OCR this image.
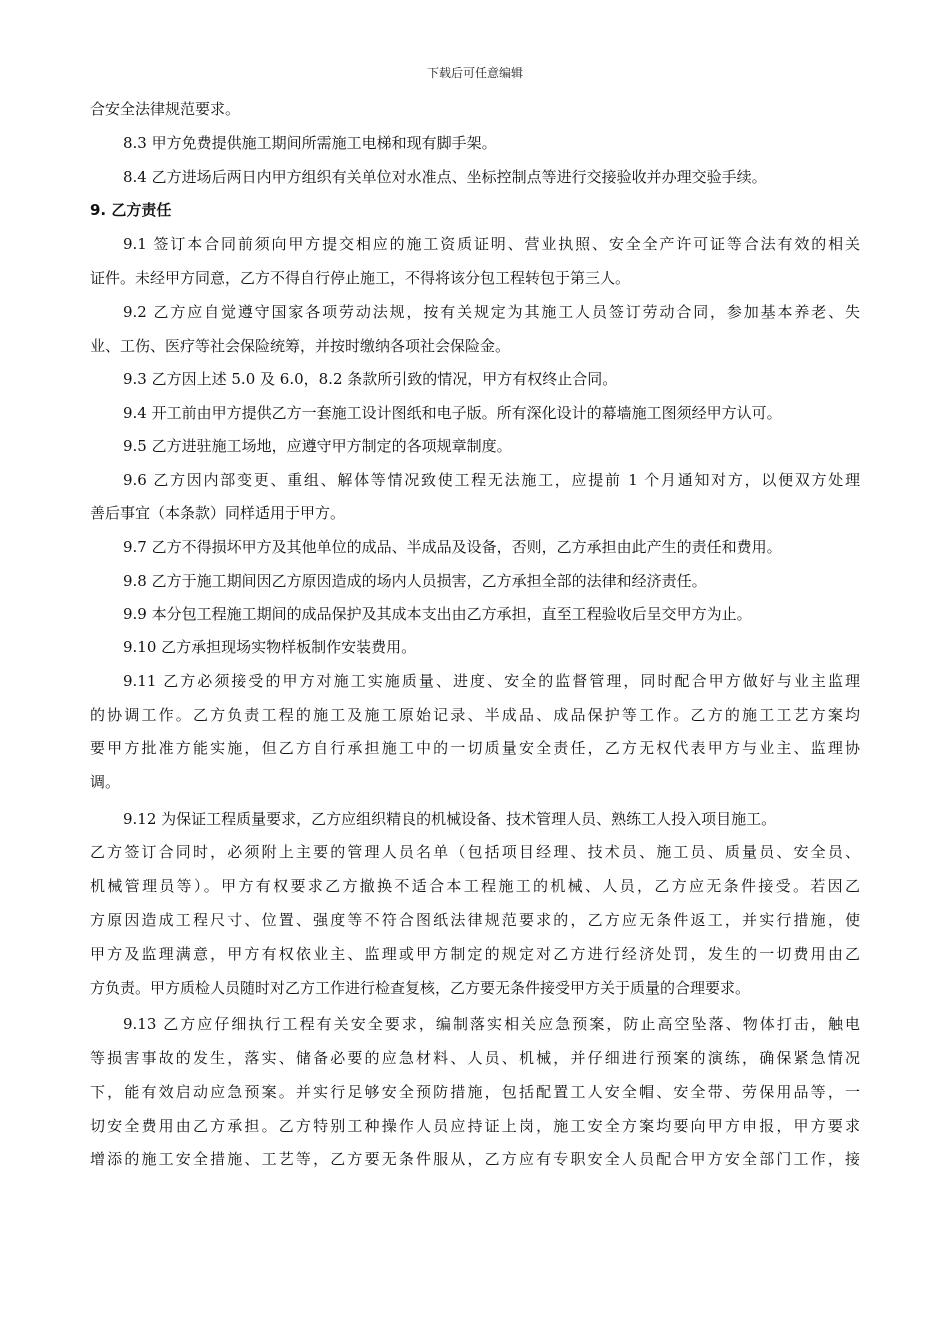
下载后可任意编辑
合安全法律规范要求。
8.3 甲方免费提供施工期间所需施工电梯和现有脚手架。
8.4 乙方进场后两日内甲方组织有关单位对水准点、坐标控制点等进行交接验收并办理交验手续。
9. 乙方责任
9.1 签订本合同前须向甲方提交相应的施工资质证明、营业执照、安全全产许可证等合法有效的相关
证件。未经甲方同意，乙方不得自行停止施工，不得将该分包工程转包于第三人。
9.2 乙方应自觉遵守国家各项劳动法规，按有关规定为其施工人员签订劳动合同，参加基本养老、失
业、工伤、医疗等社会保险统筹，并按时缴纳各项社会保险金。
9.3 乙方因上述 5.0 及 6.0，8.2 条款所引致的情况，甲方有权终止合同。
9.4 开工前由甲方提供乙方一套施工设计图纸和电子版。所有深化设计的幕墙施工图须经甲方认可。
9.5 乙方进驻施工场地，应遵守甲方制定的各项规章制度。
9.6 乙方因内部变更、重组、解体等情况致使工程无法施工，应提前 1 个月通知对方，以便双方处理
善后事宜（本条款）同样适用于甲方。
9.7 乙方不得损坏甲方及其他单位的成品、半成品及设备，否则，乙方承担由此产生的责任和费用。
9.8 乙方于施工期间因乙方原因造成的场内人员损害，乙方承担全部的法律和经济责任。
9.9 本分包工程施工期间的成品保护及其成本支出由乙方承担，直至工程验收后呈交甲方为止。
9.10 乙方承担现场实物样板制作安装费用。
9.11 乙方必须接受的甲方对施工实施质量、进度、安全的监督管理，同时配合甲方做好与业主监理
的协调工作。乙方负责工程的施工及施工原始记录、半成品、成品保护等工作。乙方的施工工艺方案均
要甲方批准方能实施，但乙方自行承担施工中的一切质量安全责任，乙方无权代表甲方与业主、监理协
调。
9.12 为保证工程质量要求，乙方应组织精良的机械设备、技术管理人员、熟练工人投入项目施工。
乙方签订合同时，必须附上主要的管理人员名单（包括项目经理、技术员、施工员、质量员、安全员、
机械管理员等）。甲方有权要求乙方撤换不适合本工程施工的机械、人员，乙方应无条件接受。若因乙
方原因造成工程尺寸、位置、强度等不符合图纸法律规范要求的，乙方应无条件返工，并实行措施，使
甲方及监理满意，甲方有权依业主、监理或甲方制定的规定对乙方进行经济处罚，发生的一切费用由乙
方负责。甲方质检人员随时对乙方工作进行检查复核，乙方要无条件接受甲方关于质量的合理要求。
9.13 乙方应仔细执行工程有关安全要求，编制落实相关应急预案，防止高空坠落、物体打击，触电
等损害事故的发生，落实、储备必要的应急材料、人员、机械，并仔细进行预案的演练，确保紧急情况
下，能有效启动应急预案。并实行足够安全预防措施，包括配置工人安全帽、安全带、劳保用品等，一
切安全费用由乙方承担。乙方特别工种操作人员应持证上岗，施工安全方案均要向甲方申报，甲方要求
增添的施工安全措施、工艺等，乙方要无条件服从，乙方应有专职安全人员配合甲方安全部门工作，接
